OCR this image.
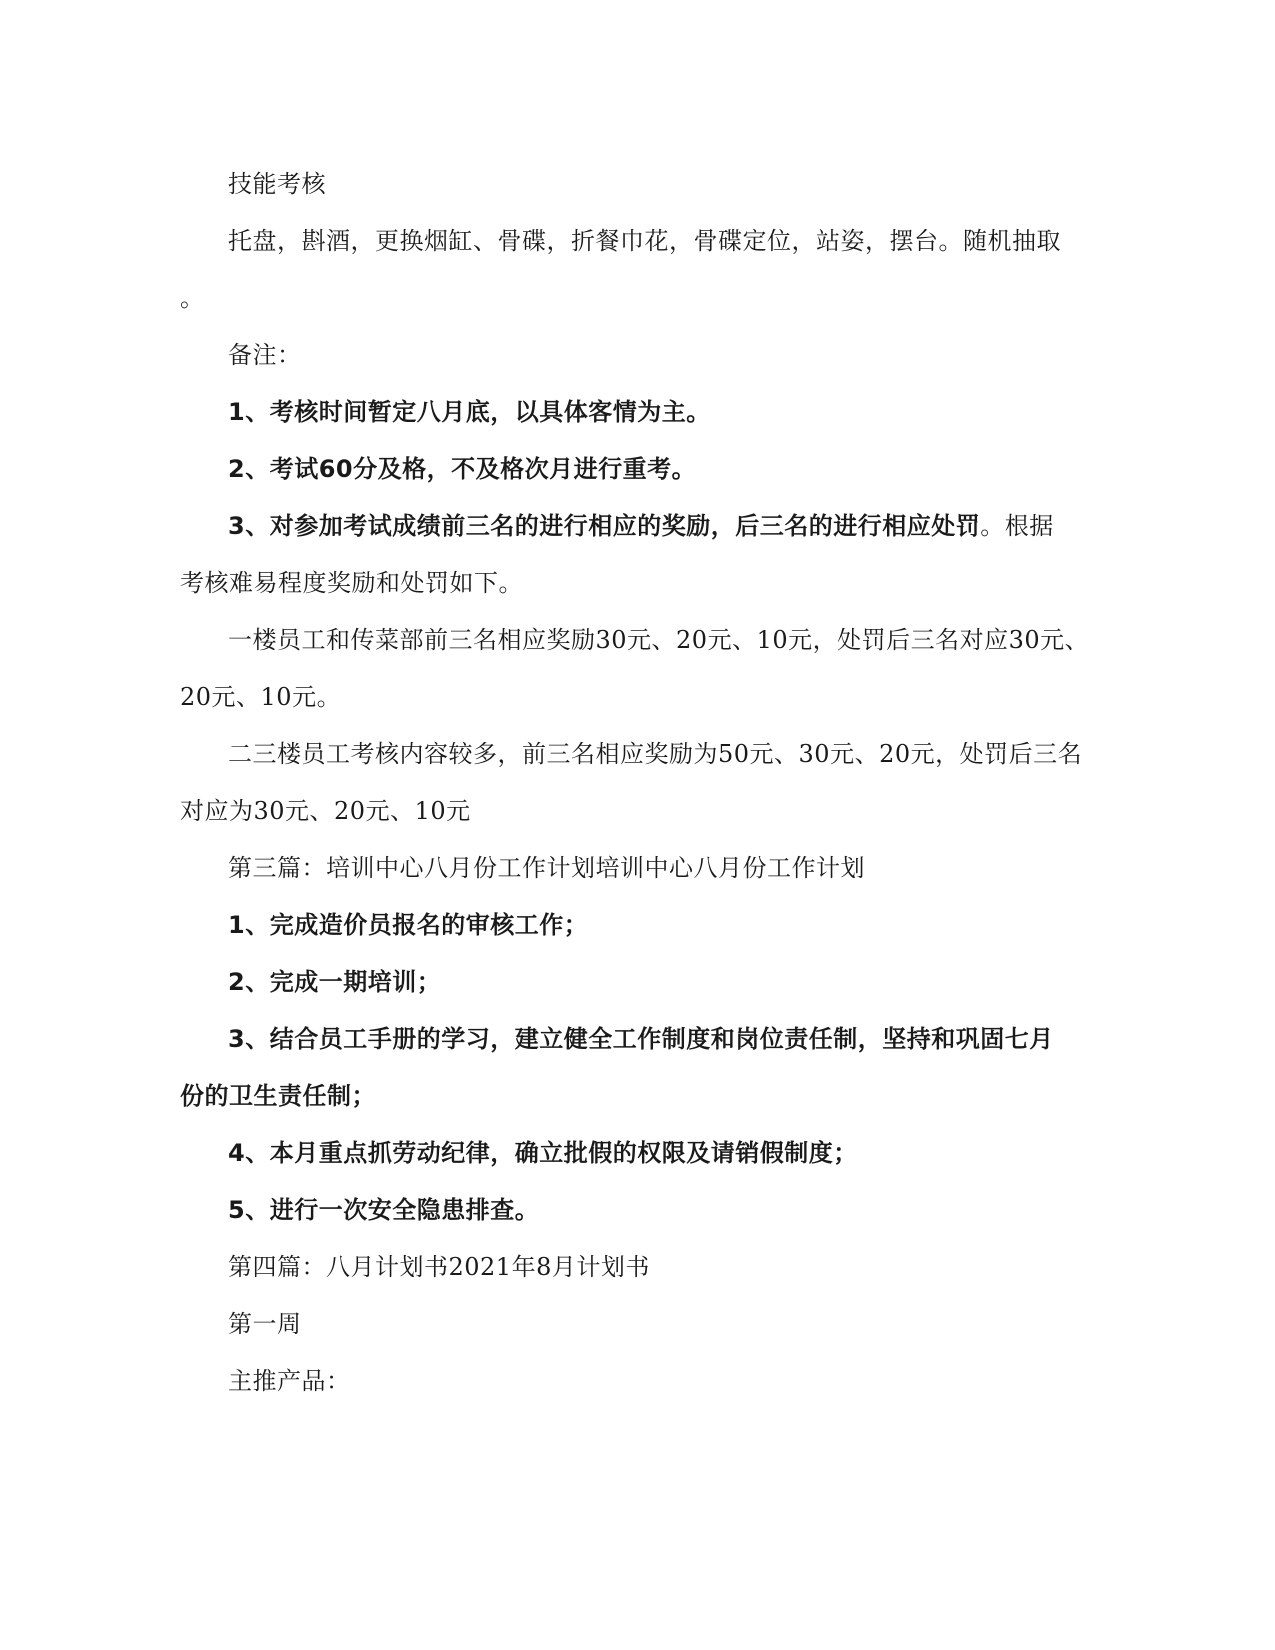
技能考核
托盘，斟酒，更换烟缸、骨碟，折餐巾花，骨碟定位，站姿，摆台。随机抽取
。
备注：
1、考核时间暂定八月底，以具体客情为主。
2、考试60分及格，不及格次月进行重考。
3、对参加考试成绩前三名的进行相应的奖励，后三名的进行相应处罚。根据
考核难易程度奖励和处罚如下。
一楼员工和传菜部前三名相应奖励30元、20元、10元，处罚后三名对应30元、
20元、10元。
二三楼员工考核内容较多，前三名相应奖励为50元、30元、20元，处罚后三名
对应为30元、20元、10元
第三篇：培训中心八月份工作计划培训中心八月份工作计划
1、完成造价员报名的审核工作；
2、完成一期培训；
3、结合员工手册的学习，建立健全工作制度和岗位责任制，坚持和巩固七月
份的卫生责任制；
4、本月重点抓劳动纪律，确立批假的权限及请销假制度；
5、进行一次安全隐患排查。
第四篇：八月计划书2021年8月计划书
第一周
主推产品：
